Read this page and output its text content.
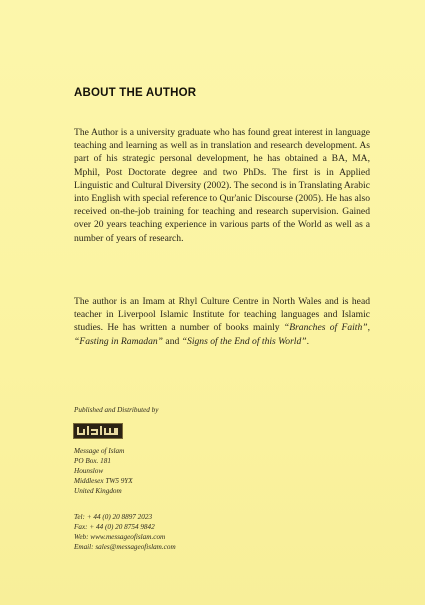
ABOUT THE AUTHOR
The Author is a university graduate who has found great interest in language teaching and learning as well as in translation and research development. As part of his strategic personal development, he has obtained a BA, MA, Mphil, Post Doctorate degree and two PhDs. The first is in Applied Linguistic and Cultural Diversity (2002). The second is in Translating Arabic into English with special reference to Qur'anic Discourse (2005). He has also received on-the-job training for teaching and research supervision. Gained over 20 years teaching experience in various parts of the World as well as a number of years of research.
The author is an Imam at Rhyl Culture Centre in North Wales and is head teacher in Liverpool Islamic Institute for teaching languages and Islamic studies. He has written a number of books mainly “Branches of Faith”, “Fasting in Ramadan” and “Signs of the End of this World”.
Published and Distributed by
Message of Islam
PO Box. 181
Hounslow
Middlesex TW5 9YX
United Kingdom
Tel: + 44 (0) 20 8897 2023
Fax: + 44 (0) 20 8754 9842
Web: www.messageofislam.com
Email: sales@messageofislam.com
